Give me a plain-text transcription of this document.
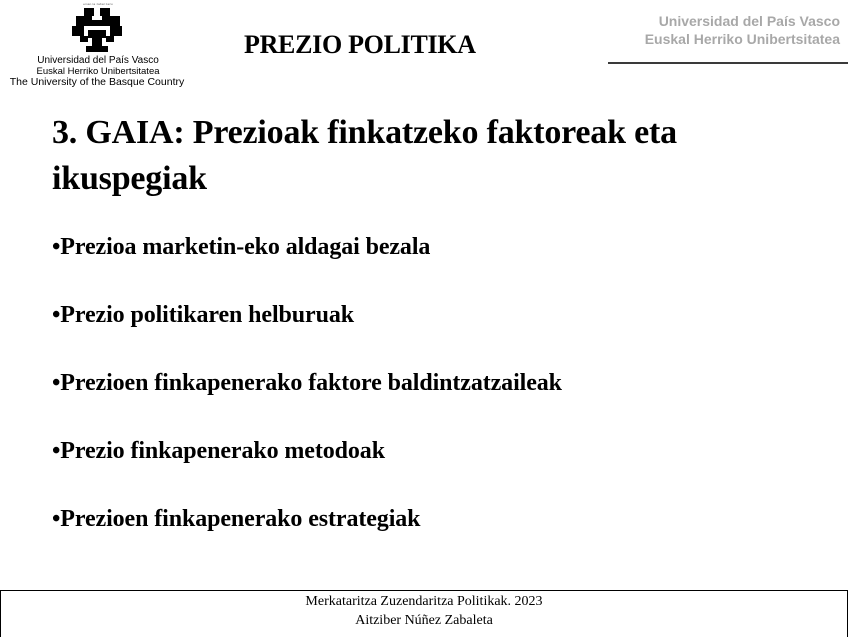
eman ta zabal zazu
Universidad del País Vasco
Euskal Herriko Unibertsitatea
The University of the Basque Country
PREZIO POLITIKA
Universidad del País Vasco
Euskal Herriko Unibertsitatea
3. GAIA: Prezioak finkatzeko faktoreak eta ikuspegiak
•Prezioa marketin-eko aldagai bezala
•Prezio politikaren helburuak
•Prezioen finkapenerako faktore baldintzatzaileak
•Prezio finkapenerako metodoak
•Prezioen finkapenerako estrategiak
Merkataritza Zuzendaritza Politikak. 2023
Aitziber Núñez Zabaleta
